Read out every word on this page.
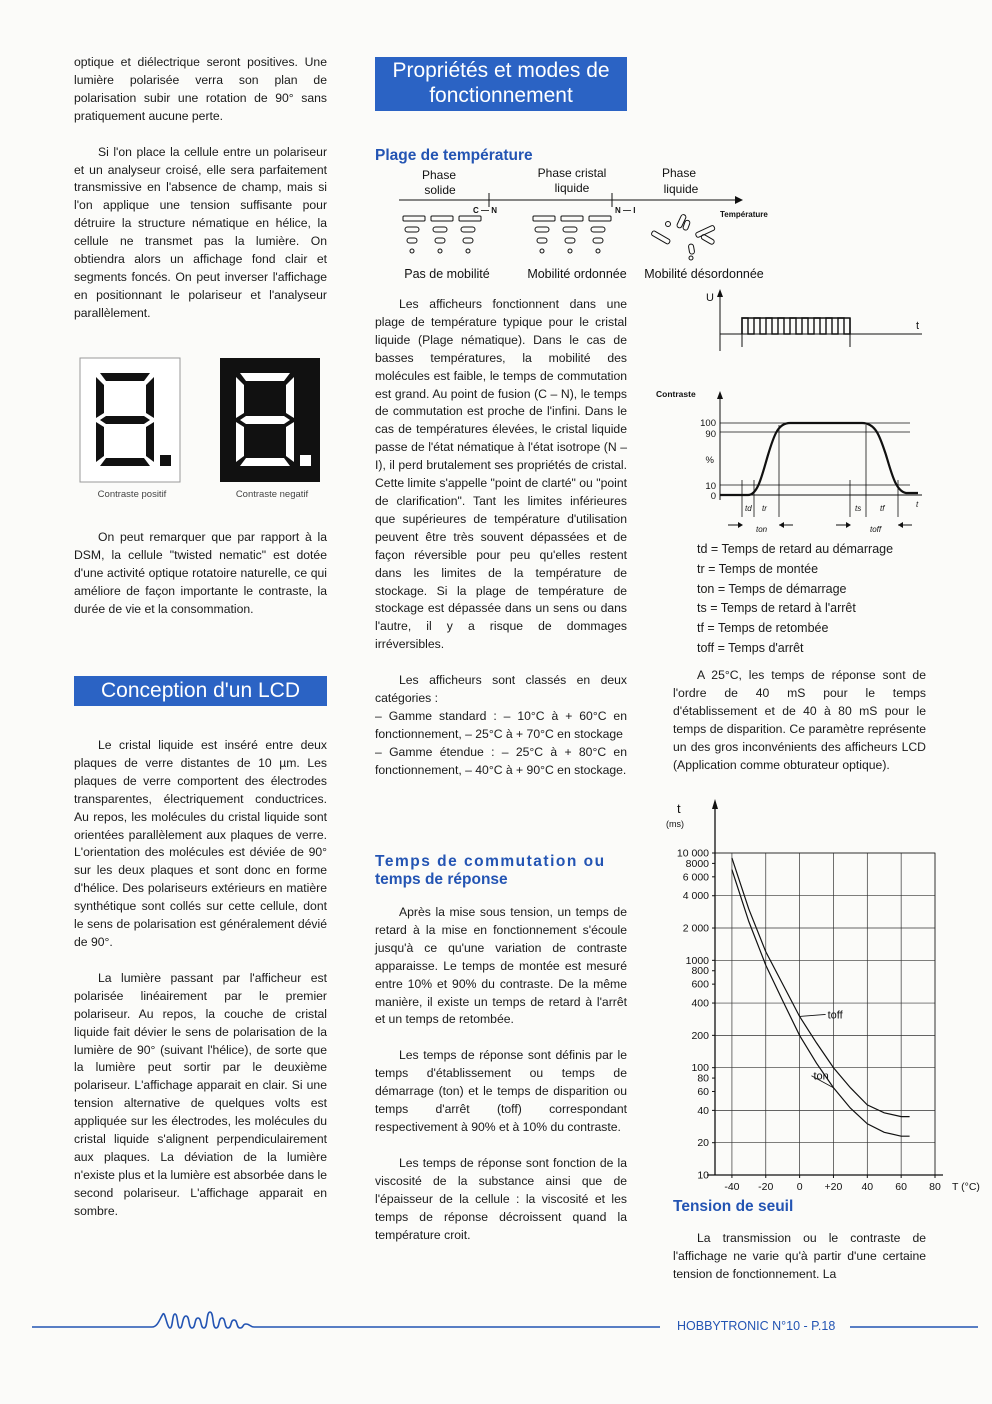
optique et diélectrique seront positives. Une lumière polarisée verra son plan de polarisation subir une rotation de 90° sans pratiquement aucune perte.

Si l'on place la cellule entre un polariseur et un analyseur croisé, elle sera parfaitement transmissive en l'absence de champ, mais si l'on applique une tension suffisante pour détruire la structure nématique en hélice, la cellule ne transmet pas la lumière. On obtiendra alors un affichage fond clair et segments foncés. On peut inverser l'affichage en positionnant le polariseur et l'analyseur parallèlement.

Contraste positif	Contraste negatif

On peut remarquer que par rapport à la DSM, la cellule "twisted nematic" est dotée d'une activité optique rotatoire naturelle, ce qui améliore de façon importante le contraste, la durée de vie et la consommation.

Conception d'un LCD

Le cristal liquide est inséré entre deux plaques de verre distantes de 10 µm. Les plaques de verre comportent des électrodes transparentes, électriquement conductrices. Au repos, les molécules du cristal liquide sont orientées parallèlement aux plaques de verre. L'orientation des molécules est déviée de 90° sur les deux plaques et sont donc en forme d'hélice. Des polariseurs extérieurs en matière synthétique sont collés sur cette cellule, dont le sens de polarisation est généralement dévié de 90°.

La lumière passant par l'afficheur est polarisée linéairement par le premier polariseur. Au repos, la couche de cristal liquide fait dévier le sens de polarisation de la lumière de 90° (suivant l'hélice), de sorte que la lumière peut sortir par le deuxième polariseur. L'affichage apparait en clair. Si une tension alternative de quelques volts est appliquée sur les électrodes, les molécules du cristal liquide s'alignent perpendiculairement aux plaques. La déviation de la lumière n'existe plus et la lumière est absorbée dans le second polariseur. L'affichage apparait en sombre.

Propriétés et modes de
fonctionnement
Plage de température
Phase
solide
Phase cristal
liquide
Phase
liquide
C — N	N — I	Température
Pas de mobilité	Mobilité ordonnée Mobilité désordonnée

Les afficheurs fonctionnent dans une plage de température typique pour le cristal liquide (Plage nématique). Dans le cas de basses températures, la mobilité des molécules est faible, le temps de commutation est grand. Au point de fusion (C – N), le temps de commutation est proche de l'infini. Dans le cas de températures élevées, le cristal liquide passe de l'état nématique à l'état isotrope (N – I), il perd brutalement ses propriétés de cristal. Cette limite s'appelle "point de clarté" ou "point de clarification". Tant les limites inférieures que supérieures de température d'utilisation peuvent être très souvent dépassées et de façon réversible pour peu qu'elles restent dans les limites de la température de stockage. Si la plage de température de stockage est dépassée dans un sens ou dans l'autre, il y a risque de dommages irréversibles.

Les afficheurs sont classés en deux catégories :

– Gamme standard : – 10°C à + 60°C en fonctionnement, – 25°C à + 70°C en stockage
– Gamme étendue : – 25°C à + 80°C en fonctionnement, – 40°C à + 90°C en stockage.
Temps de commutation ou
temps de réponse

Après la mise sous tension, un temps de retard à la mise en fonctionnement s'écoule jusqu'à ce qu'une variation de contraste apparaisse. Le temps de montée est mesuré entre 10% et 90% du contraste. De la même manière, il existe un temps de retard à l'arrêt et un temps de retombée.

Les temps de réponse sont définis par le temps d'établissement ou temps de démarrage (ton) et le temps de disparition ou temps d'arrêt (toff) correspondant respectivement à 90% et à 10% du contraste.

Les temps de réponse sont fonction de la viscosité de la substance ainsi que de l'épaisseur de la cellule : la viscosité et les temps de réponse décroissent quand la température croit.

U
t
Contraste
100
90
%
10
0
td tr	ts tf
ton	toff
t
td = Temps de retard au démarrage
tr = Temps de montée
ton = Temps de démarrage
ts = Temps de retard à l'arrêt
tf = Temps de retombée
toff = Temps d'arrêt

A 25°C, les temps de réponse sont de l'ordre de 40 mS pour le temps d'établissement et de 40 à 80 mS pour le temps de disparition. Ce paramètre représente un des gros inconvénients des afficheurs LCD (Application comme obturateur optique).

10 000
8000
6 000
4 000
2 000
1000
800
600
400
200
100
80
60
40
20
10
-40 -20 0 +20 40 60 80
toff
ton
t
(ms)
T (°C)
Tension de seuil

La transmission ou le contraste de l'affichage ne varie qu'à partir d'une certaine tension de fonctionnement. La

HOBBYTRONIC N°10 - P.18
